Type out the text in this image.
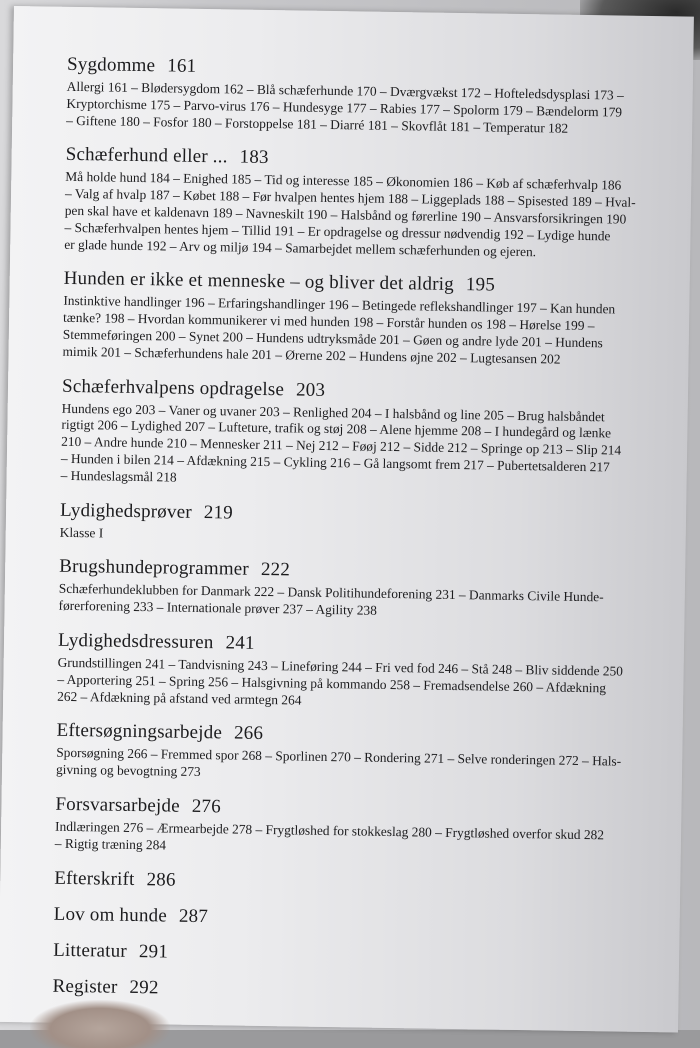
Sygdomme 161

Allergi 161 – Blødersygdom 162 – Blå schæferhunde 170 – Dværgvækst 172 – Hofteledsdysplasi 173 –
Kryptorchisme 175 – Parvo-virus 176 – Hundesyge 177 – Rabies 177 – Spolorm 179 – Bændelorm 179
– Giftene 180 – Fosfor 180 – Forstoppelse 181 – Diarré 181 – Skovflåt 181 – Temperatur 182

Schæferhund eller ... 183

Må holde hund 184 – Enighed 185 – Tid og interesse 185 – Økonomien 186 – Køb af schæferhvalp 186
– Valg af hvalp 187 – Købet 188 – Før hvalpen hentes hjem 188 – Liggeplads 188 – Spisested 189 – Hval-
pen skal have et kaldenavn 189 – Navneskilt 190 – Halsbånd og førerline 190 – Ansvarsforsikringen 190
– Schæferhvalpen hentes hjem – Tillid 191 – Er opdragelse og dressur nødvendig 192 – Lydige hunde
er glade hunde 192 – Arv og miljø 194 – Samarbejdet mellem schæferhunden og ejeren.

Hunden er ikke et menneske – og bliver det aldrig 195

Instinktive handlinger 196 – Erfaringshandlinger 196 – Betingede reflekshandlinger 197 – Kan hunden
tænke? 198 – Hvordan kommunikerer vi med hunden 198 – Forstår hunden os 198 – Hørelse 199 –
Stemmeføringen 200 – Synet 200 – Hundens udtryksmåde 201 – Gøen og andre lyde 201 – Hundens
mimik 201 – Schæferhundens hale 201 – Ørerne 202 – Hundens øjne 202 – Lugtesansen 202

Schæferhvalpens opdragelse 203

Hundens ego 203 – Vaner og uvaner 203 – Renlighed 204 – I halsbånd og line 205 – Brug halsbåndet
rigtigt 206 – Lydighed 207 – Lufteture, trafik og støj 208 – Alene hjemme 208 – I hundegård og lænke
210 – Andre hunde 210 – Mennesker 211 – Nej 212 – Føøj 212 – Sidde 212 – Springe op 213 – Slip 214
– Hunden i bilen 214 – Afdækning 215 – Cykling 216 – Gå langsomt frem 217 – Pubertetsalderen 217
– Hundeslagsmål 218

Lydighedsprøver 219

Klasse I

Brugshundeprogrammer 222

Schæferhundeklubben for Danmark 222 – Dansk Politihundeforening 231 – Danmarks Civile Hunde-
førerforening 233 – Internationale prøver 237 – Agility 238

Lydighedsdressuren 241

Grundstillingen 241 – Tandvisning 243 – Lineføring 244 – Fri ved fod 246 – Stå 248 – Bliv siddende 250
– Apportering 251 – Spring 256 – Halsgivning på kommando 258 – Fremadsendelse 260 – Afdækning
262 – Afdækning på afstand ved armtegn 264

Eftersøgningsarbejde 266

Sporsøgning 266 – Fremmed spor 268 – Sporlinen 270 – Rondering 271 – Selve ronderingen 272 – Hals-
givning og bevogtning 273

Forsvarsarbejde 276

Indlæringen 276 – Ærmearbejde 278 – Frygtløshed for stokkeslag 280 – Frygtløshed overfor skud 282
– Rigtig træning 284

Efterskrift 286

Lov om hunde 287

Litteratur 291

Register 292
